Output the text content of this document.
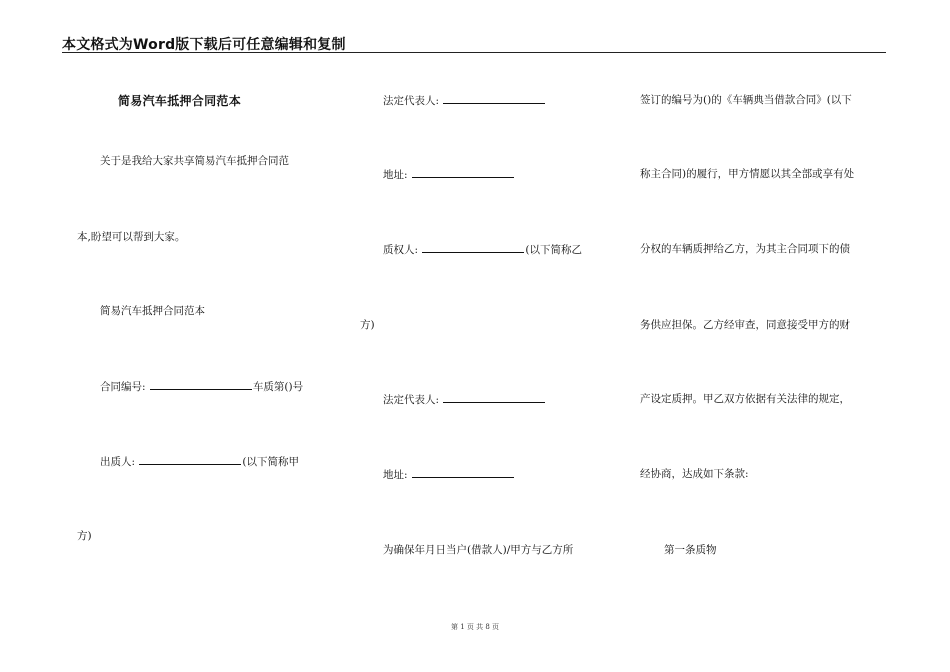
本文格式为Word版下载后可任意编辑和复制
简易汽车抵押合同范本
关于是我给大家共享简易汽车抵押合同范
本,盼望可以帮到大家。
简易汽车抵押合同范本
合同编号:	车质第()号
出质人:	(以下简称甲
方)
法定代表人:
地址:
质权人:	(以下简称乙
方)
法定代表人:
地址:
为确保年月日当户(借款人)/甲方与乙方所
签订的编号为()的《车辆典当借款合同》(以下
称主合同)的履行，甲方情愿以其全部或享有处
分权的车辆质押给乙方，为其主合同项下的债
务供应担保。乙方经审查，同意接受甲方的财
产设定质押。甲乙双方依据有关法律的规定，
经协商，达成如下条款:
第一条质物
第 1 页 共 8 页
